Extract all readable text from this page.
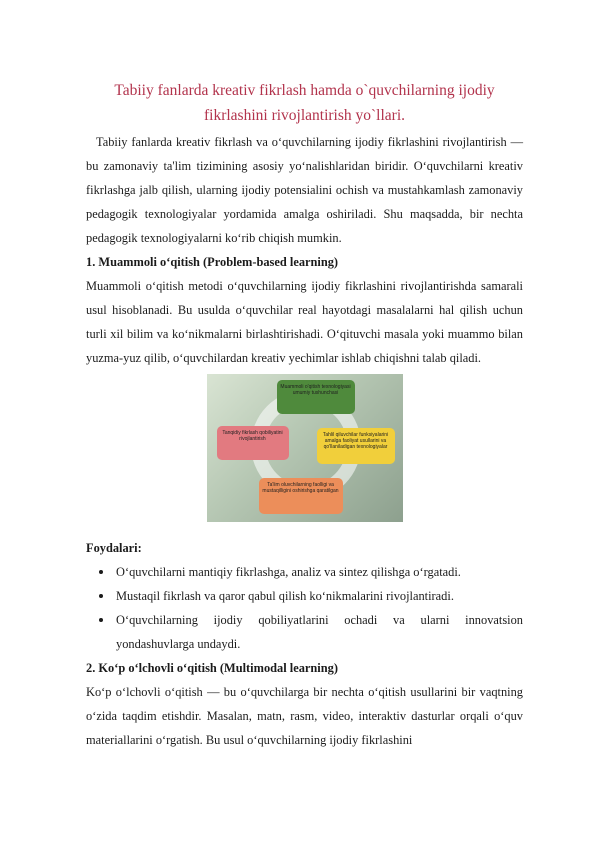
Tabiiy fanlarda kreativ fikrlash hamda o`quvchilarning ijodiy fikrlashini rivojlantirish yo`llari.

Tabiiy fanlarda kreativ fikrlash va o‘quvchilarning ijodiy fikrlashini rivojlantirish — bu zamonaviy ta'lim tizimining asosiy yo‘nalishlaridan biridir. O‘quvchilarni kreativ fikrlashga jalb qilish, ularning ijodiy potensialini ochish va mustahkamlash zamonaviy pedagogik texnologiyalar yordamida amalga oshiriladi. Shu maqsadda, bir nechta pedagogik texnologiyalarni ko‘rib chiqish mumkin.

1. Muammoli o‘qitish (Problem-based learning)

Muammoli o‘qitish metodi o‘quvchilarning ijodiy fikrlashini rivojlantirishda samarali usul hisoblanadi. Bu usulda o‘quvchilar real hayotdagi masalalarni hal qilish uchun turli xil bilim va ko‘nikmalarni birlashtirishadi. O‘qituvchi masala yoki muammo bilan yuzma-yuz qilib, o‘quvchilardan kreativ yechimlar ishlab chiqishni talab qiladi.

Muammoli o'qitish texnologiyasi umumiy tushunchasi
Tanqidiy fikrlash qobiliyatini rivojlantirish
Tahlil qiluvchilar funksiyalarini amalga faoliyat usullarini va qo'llaniladigan texnologiyalar
Ta'lim oluvchilarning faolligi va mustaqilligini oshirishga qaratilgan
Foydalari:
O‘quvchilarni mantiqiy fikrlashga, analiz va sintez qilishga o‘rgatadi.
Mustaqil fikrlash va qaror qabul qilish ko‘nikmalarini rivojlantiradi.
O‘quvchilarning ijodiy qobiliyatlarini ochadi va ularni innovatsion yondashuvlarga undaydi.
2. Ko‘p o‘lchovli o‘qitish (Multimodal learning)

Ko‘p o‘lchovli o‘qitish — bu o‘quvchilarga bir nechta o‘qitish usullarini bir vaqtning o‘zida taqdim etishdir. Masalan, matn, rasm, video, interaktiv dasturlar orqali o‘quv materiallarini o‘rgatish. Bu usul o‘quvchilarning ijodiy fikrlashini
